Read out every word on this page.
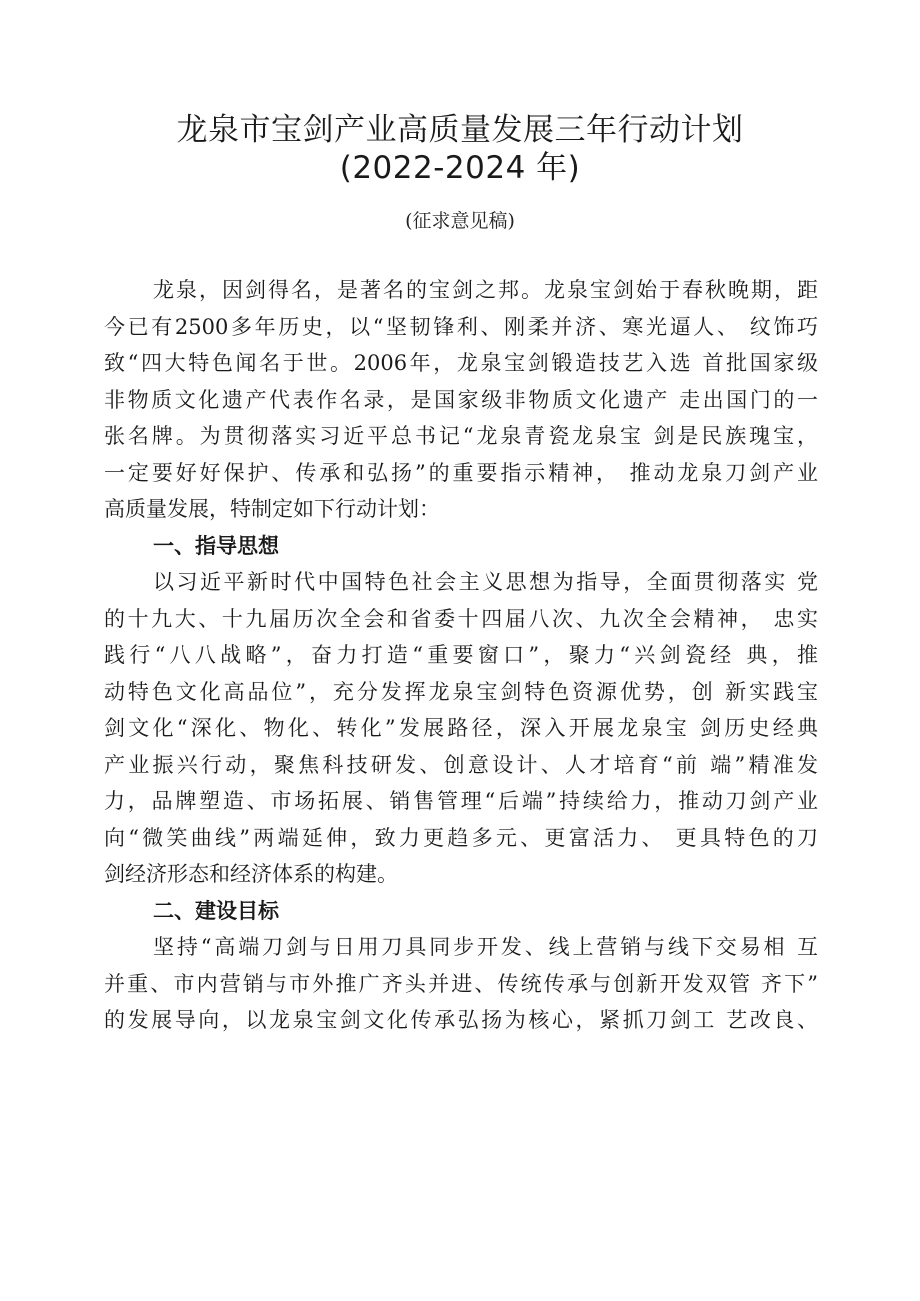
龙泉市宝剑产业高质量发展三年行动计划
(2022-2024 年)

(征求意见稿)

龙泉，因剑得名，是著名的宝剑之邦。龙泉宝剑始于春秋晚期，距
今已有2500多年历史，以“坚韧锋利、刚柔并济、寒光逼人、 纹饰巧
致“四大特色闻名于世。2006年，龙泉宝剑锻造技艺入选 首批国家级
非物质文化遗产代表作名录，是国家级非物质文化遗产 走出国门的一
张名牌。为贯彻落实习近平总书记“龙泉青瓷龙泉宝 剑是民族瑰宝，
一定要好好保护、传承和弘扬”的重要指示精神， 推动龙泉刀剑产业
高质量发展，特制定如下行动计划：
一、指导思想
以习近平新时代中国特色社会主义思想为指导，全面贯彻落实 党
的十九大、十九届历次全会和省委十四届八次、九次全会精神， 忠实
践行“八八战略”，奋力打造“重要窗口”，聚力“兴剑瓷经 典，推
动特色文化高品位”，充分发挥龙泉宝剑特色资源优势，创 新实践宝
剑文化“深化、物化、转化”发展路径，深入开展龙泉宝 剑历史经典
产业振兴行动，聚焦科技研发、创意设计、人才培育“前 端”精准发
力，品牌塑造、市场拓展、销售管理“后端”持续给力，推动刀剑产业
向“微笑曲线”两端延伸，致力更趋多元、更富活力、 更具特色的刀
剑经济形态和经济体系的构建。
二、建设目标
坚持“高端刀剑与日用刀具同步开发、线上营销与线下交易相 互
并重、市内营销与市外推广齐头并进、传统传承与创新开发双管 齐下”
的发展导向，以龙泉宝剑文化传承弘扬为核心，紧抓刀剑工 艺改良、
